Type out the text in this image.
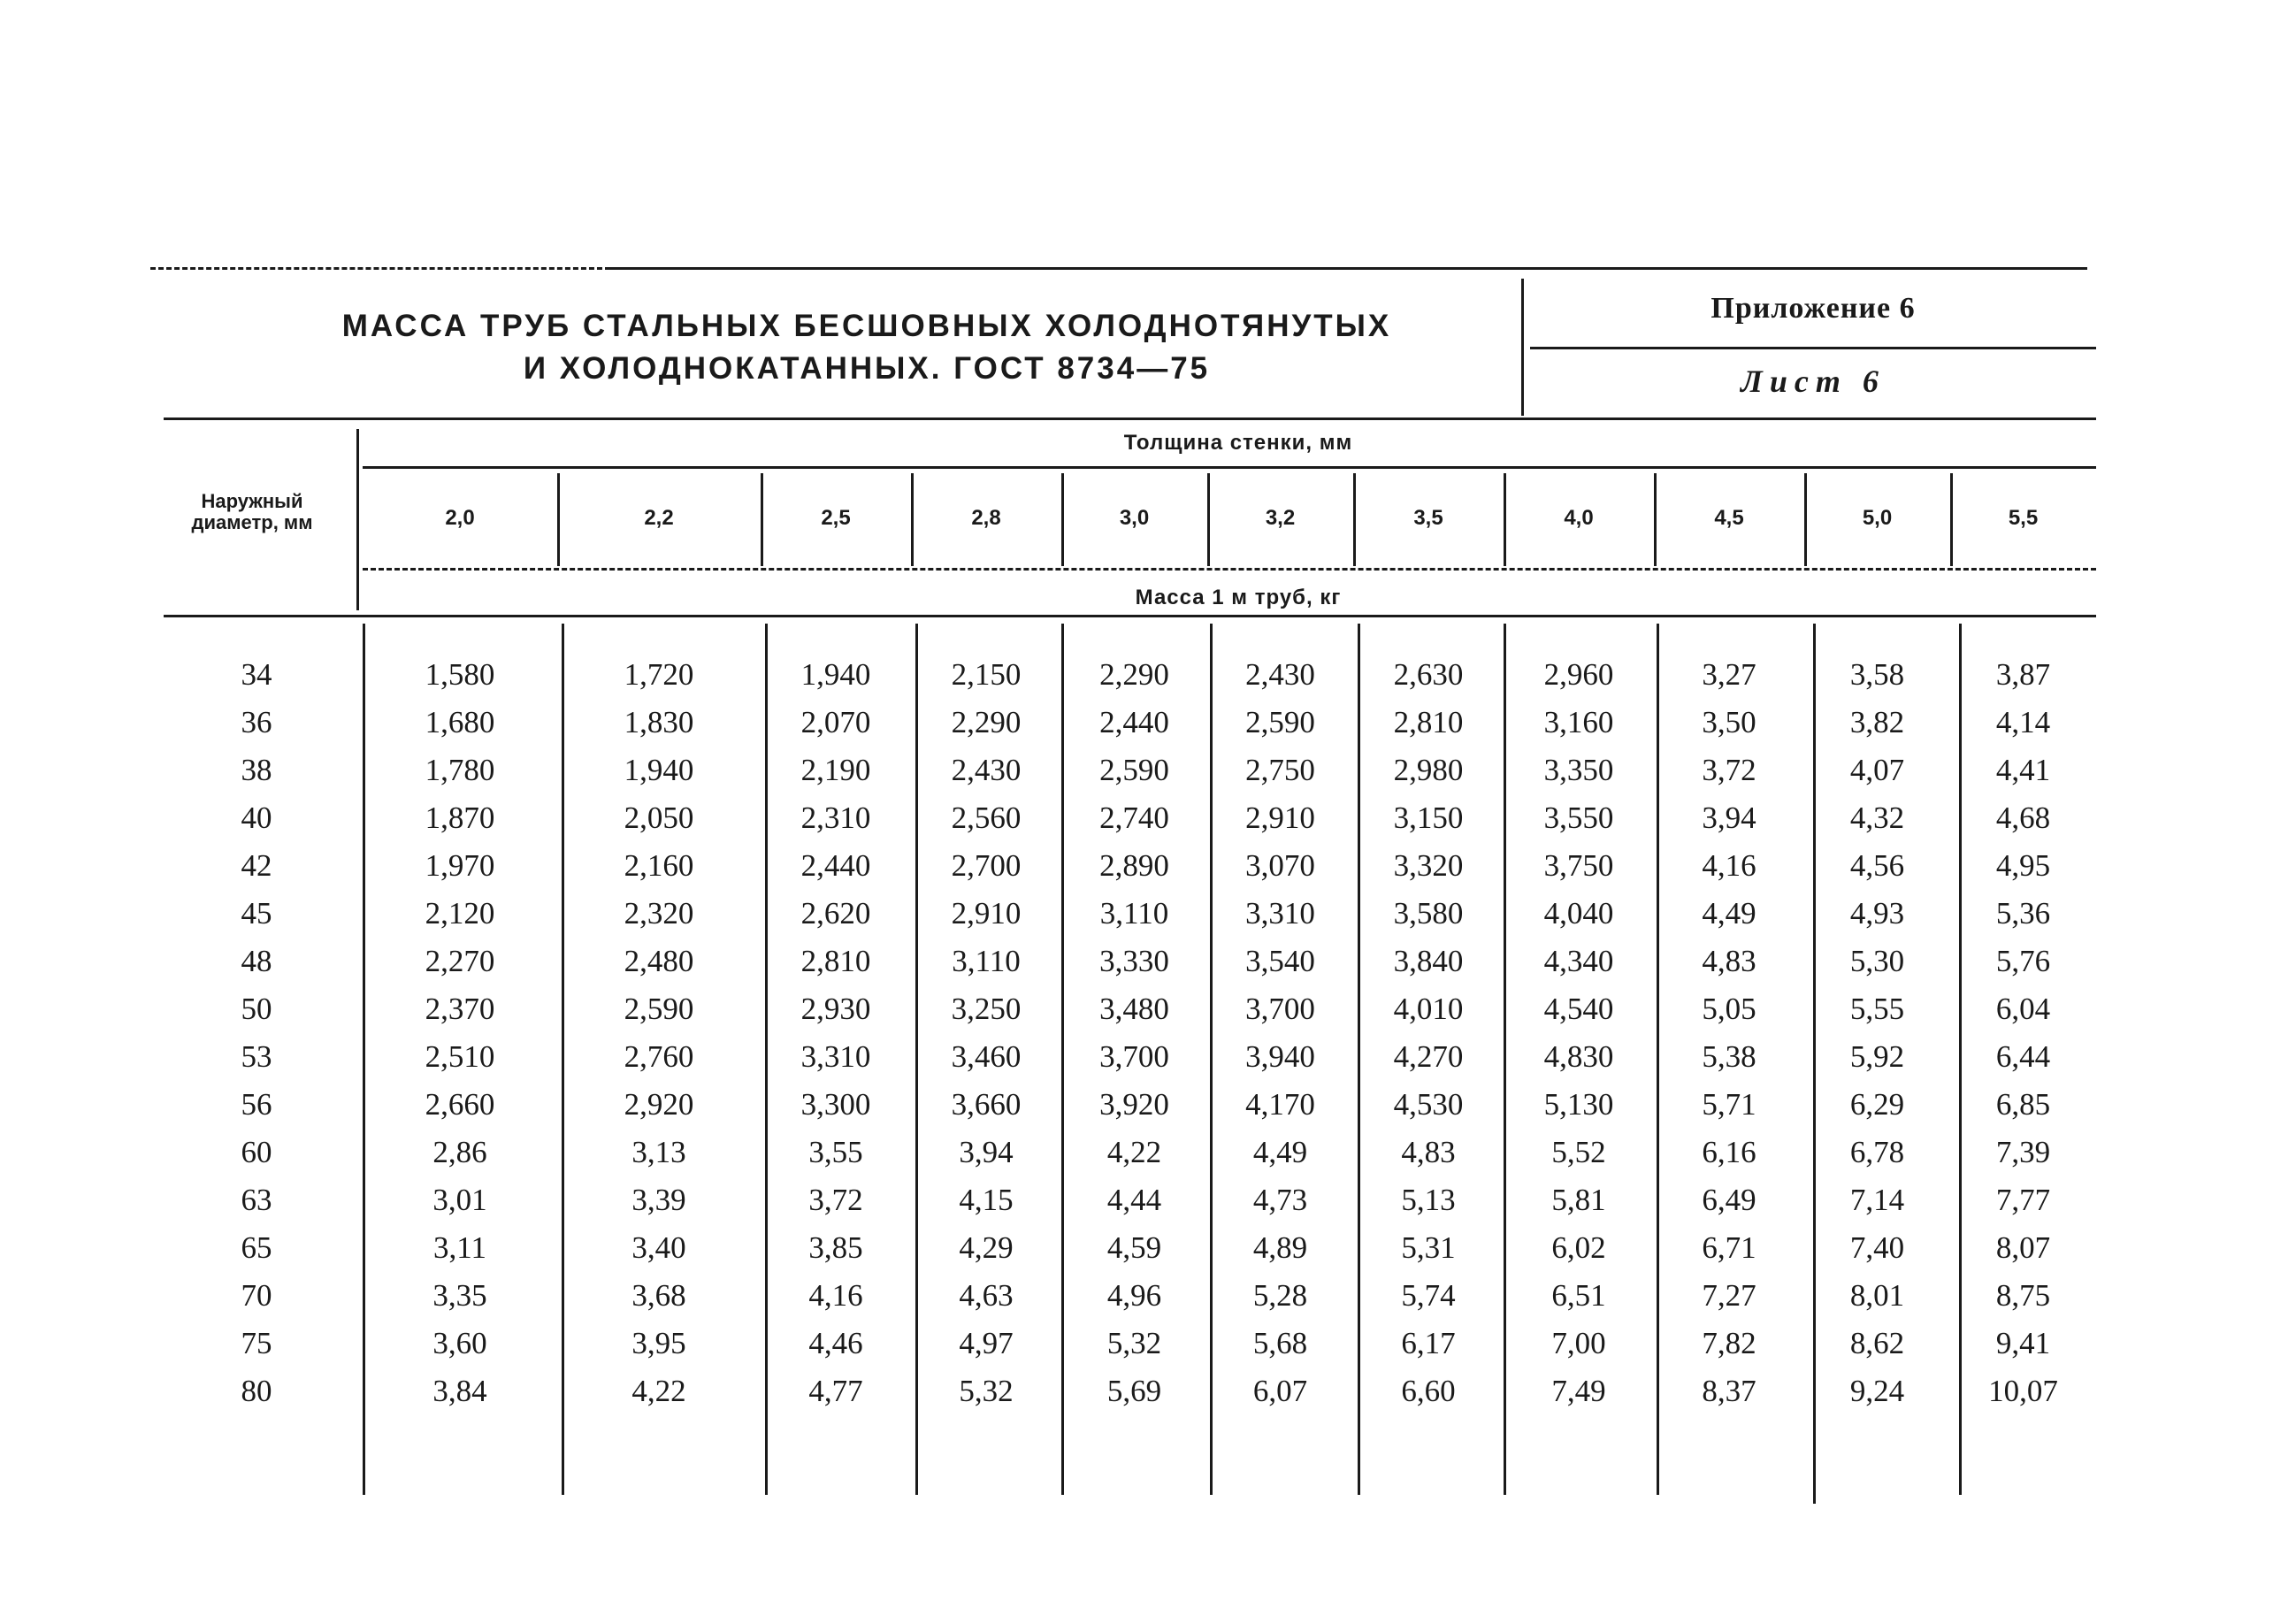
МАССА ТРУБ СТАЛЬНЫХ БЕСШОВНЫХ ХОЛОДНОТЯНУТЫХ
И ХОЛОДНОКАТАННЫХ. ГОСТ 8734—75
Приложение 6
Лист 6
Наружный диаметр, мм
Толщина стенки, мм
Масса 1 м труб, кг
2,0	2,2	2,5	2,8	3,0	3,2	3,5	4,0	4,5	5,0	5,5
34	1,580	1,720	1,940	2,150	2,290	2,430	2,630	2,960	3,27	3,58	3,87
36	1,680	1,830	2,070	2,290	2,440	2,590	2,810	3,160	3,50	3,82	4,14
38	1,780	1,940	2,190	2,430	2,590	2,750	2,980	3,350	3,72	4,07	4,41
40	1,870	2,050	2,310	2,560	2,740	2,910	3,150	3,550	3,94	4,32	4,68
42	1,970	2,160	2,440	2,700	2,890	3,070	3,320	3,750	4,16	4,56	4,95
45	2,120	2,320	2,620	2,910	3,110	3,310	3,580	4,040	4,49	4,93	5,36
48	2,270	2,480	2,810	3,110	3,330	3,540	3,840	4,340	4,83	5,30	5,76
50	2,370	2,590	2,930	3,250	3,480	3,700	4,010	4,540	5,05	5,55	6,04
53	2,510	2,760	3,310	3,460	3,700	3,940	4,270	4,830	5,38	5,92	6,44
56	2,660	2,920	3,300	3,660	3,920	4,170	4,530	5,130	5,71	6,29	6,85
60	2,86	3,13	3,55	3,94	4,22	4,49	4,83	5,52	6,16	6,78	7,39
63	3,01	3,39	3,72	4,15	4,44	4,73	5,13	5,81	6,49	7,14	7,77
65	3,11	3,40	3,85	4,29	4,59	4,89	5,31	6,02	6,71	7,40	8,07
70	3,35	3,68	4,16	4,63	4,96	5,28	5,74	6,51	7,27	8,01	8,75
75	3,60	3,95	4,46	4,97	5,32	5,68	6,17	7,00	7,82	8,62	9,41
80	3,84	4,22	4,77	5,32	5,69	6,07	6,60	7,49	8,37	9,24	10,07
